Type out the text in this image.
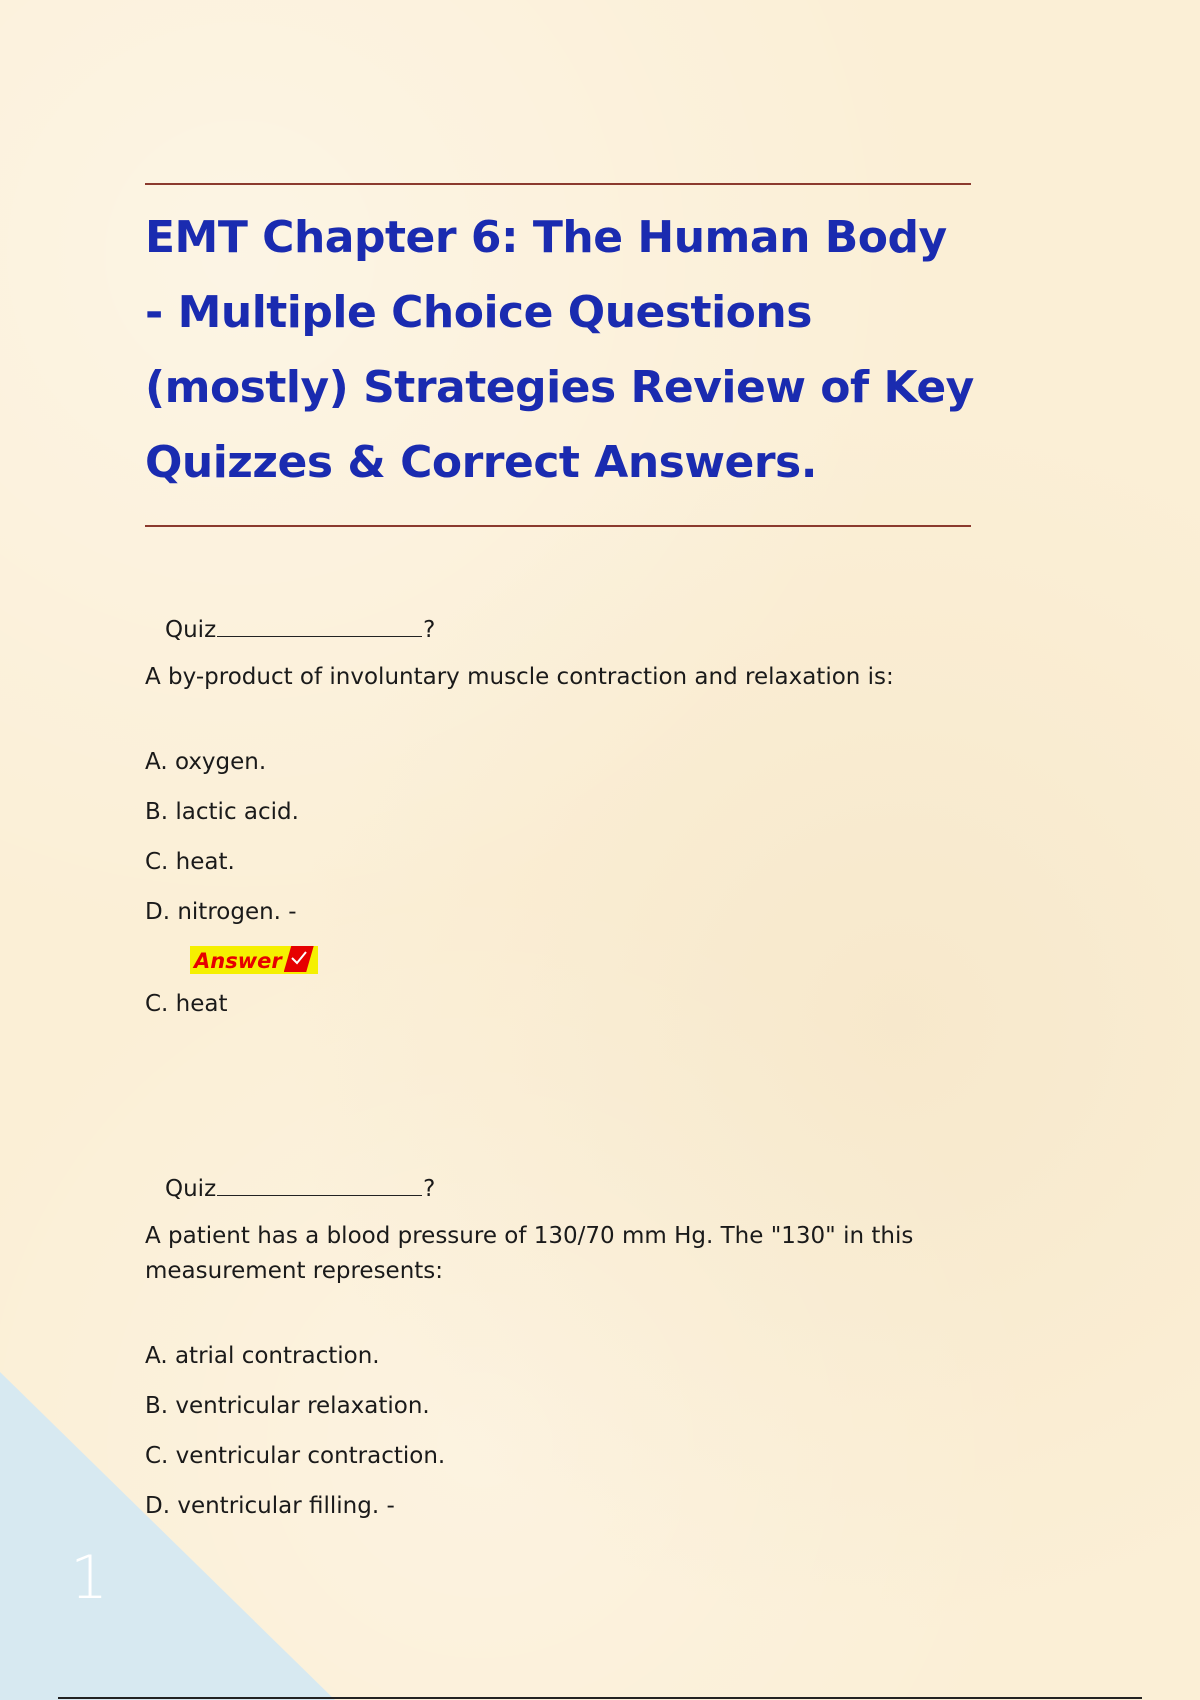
1
EMT Chapter 6: The Human Body - Multiple Choice Questions (mostly) Strategies Review of Key Quizzes & Correct Answers.
Quiz	?
A by-product of involuntary muscle contraction and relaxation is:
A. oxygen.
B. lactic acid.
C. heat.
D. nitrogen. -
Answer
C. heat
Quiz	?
A patient has a blood pressure of 130/70 mm Hg. The "130" in this measurement represents:
A. atrial contraction.
B. ventricular relaxation.
C. ventricular contraction.
D. ventricular filling. -
